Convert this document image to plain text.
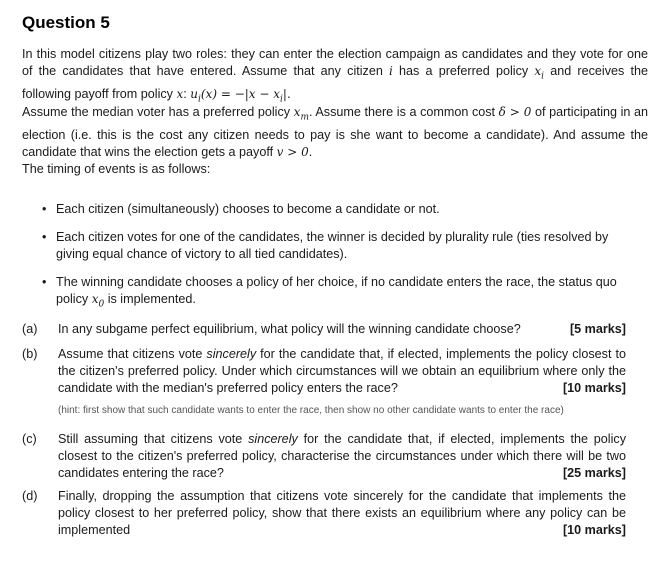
Question 5
In this model citizens play two roles: they can enter the election campaign as candidates and they vote for one of the candidates that have entered. Assume that any citizen i has a preferred policy $x_i$ and receives the following payoff from policy x: $u_i(x) = -|x - x_i|$.
Assume the median voter has a preferred policy $x_m$. Assume there is a common cost δ > 0 of participating in an election (i.e. this is the cost any citizen needs to pay is she want to become a candidate). And assume the candidate that wins the election gets a payoff v > 0.
The timing of events is as follows:
• Each citizen (simultaneously) chooses to become a candidate or not.
• Each citizen votes for one of the candidates, the winner is decided by plurality rule (ties resolved by giving equal chance of victory to all tied candidates).
• The winning candidate chooses a policy of her choice, if no candidate enters the race, the status quo policy $x_0$ is implemented.
(a)	In any subgame perfect equilibrium, what policy will the winning candidate choose?	[5 marks]
(b)	Assume that citizens vote sincerely for the candidate that, if elected, implements the policy closest to the citizen's preferred policy. Under which circumstances will we obtain an equilibrium where only the candidate with the median's preferred policy enters the race?	[10 marks]
(hint: first show that such candidate wants to enter the race, then show no other candidate wants to enter the race)
(c)	Still assuming that citizens vote sincerely for the candidate that, if elected, implements the policy closest to the citizen's preferred policy, characterise the circumstances under which there will be two candidates entering the race?	[25 marks]
(d)	Finally, dropping the assumption that citizens vote sincerely for the candidate that implements the policy closest to her preferred policy, show that there exists an equilibrium where any policy can be implemented	[10 marks]
